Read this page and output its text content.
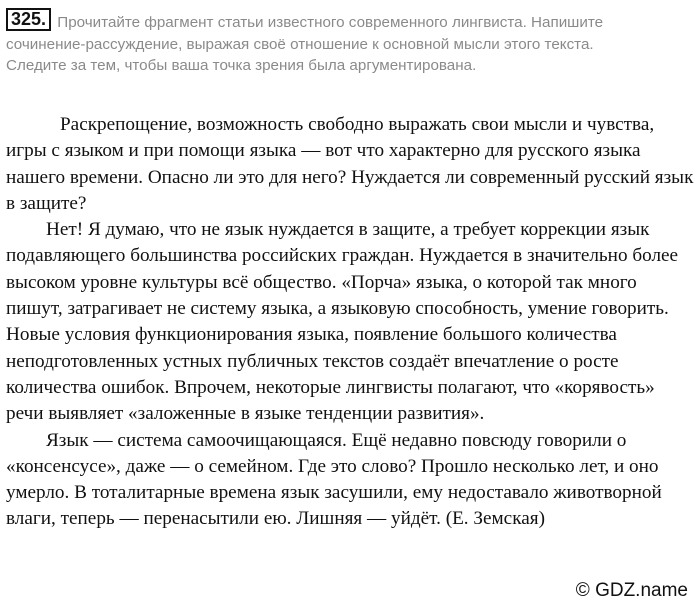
325. Прочитайте фрагмент статьи известного современного лингвиста. Напишите
сочинение-рассуждение, выражая своё отношение к основной мысли этого текста.
Следите за тем, чтобы ваша точка зрения была аргументирована.

Раскрепощение, возможность свободно выражать свои мысли и чувства, игры с языком и при помощи языка — вот что характерно для русского языка нашего времени. Опасно ли это для него? Нуждается ли современный русский язык в защите?

Нет! Я думаю, что не язык нуждается в защите, а требует коррекции язык подавляющего большинства российских граждан. Нуждается в значительно более высоком уровне культуры всё общество. «Порча» языка, о которой так много пишут, затрагивает не систему языка, а языковую способность, умение говорить. Новые условия функционирования языка, появление большого количества неподготовленных устных публичных текстов создаёт впечатление о росте количества ошибок. Впрочем, некоторые лингвисты полагают, что «корявость» речи выявляет «заложенные в языке тенденции развития».

Язык — система самоочищающаяся. Ещё недавно повсюду говорили о «консенсусе», даже — о семейном. Где это слово? Прошло несколько лет, и оно умерло. В тоталитарные времена язык засушили, ему недоставало животворной влаги, теперь — перенасытили ею. Лишняя — уйдёт. (Е. Земская)

© GDZ.name
